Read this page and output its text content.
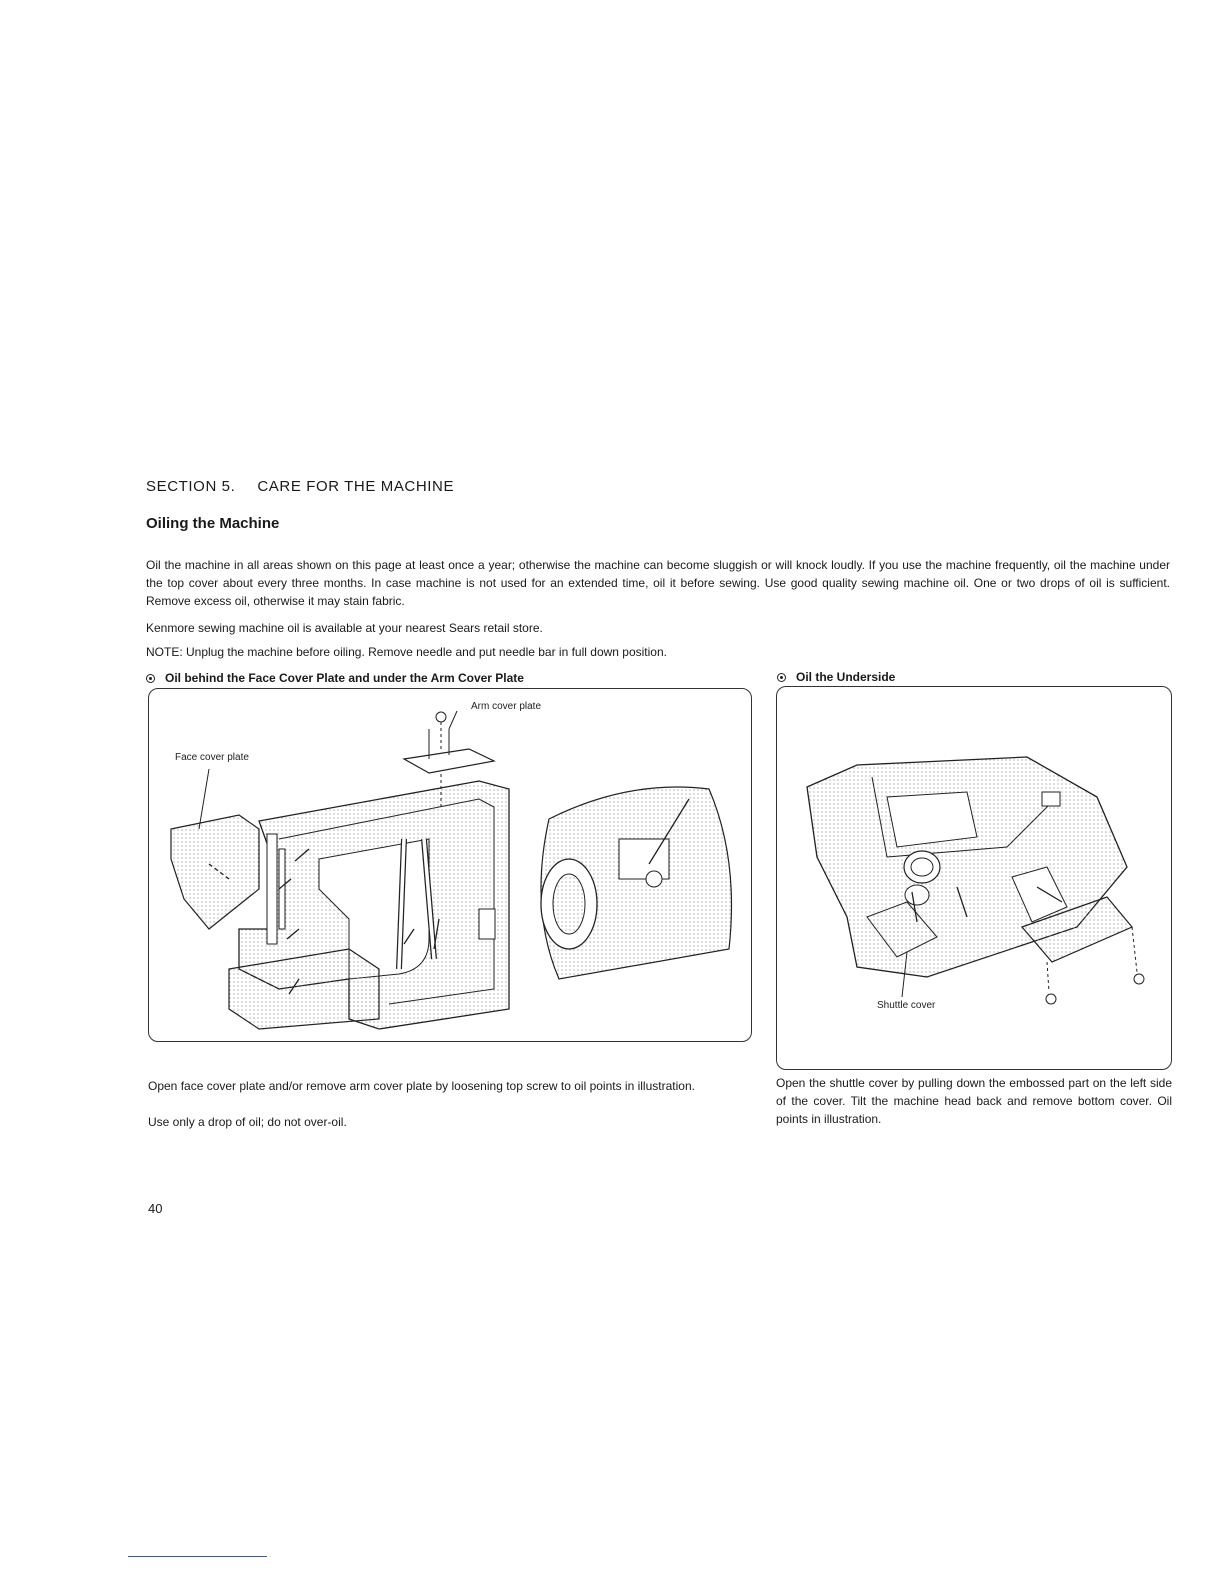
SECTION 5. CARE FOR THE MACHINE
Oiling the Machine
Oil the machine in all areas shown on this page at least once a year; otherwise the machine can become sluggish or will knock loudly. If you use the machine frequently, oil the machine under the top cover about every three months. In case machine is not used for an extended time, oil it before sewing. Use good quality sewing machine oil. One or two drops of oil is sufficient. Remove excess oil, otherwise it may stain fabric.
Kenmore sewing machine oil is available at your nearest Sears retail store.
NOTE: Unplug the machine before oiling. Remove needle and put needle bar in full down position.
Oil behind the Face Cover Plate and under the Arm Cover Plate	Oil the Underside
Arm cover plate
Face cover plate
Shuttle cover
Open face cover plate and/or remove arm cover plate by loosening top screw to oil points in illustration.
Use only a drop of oil; do not over-oil.
Open the shuttle cover by pulling down the embossed part on the left side of the cover. Tilt the machine head back and remove bottom cover. Oil points in illustration.
40
